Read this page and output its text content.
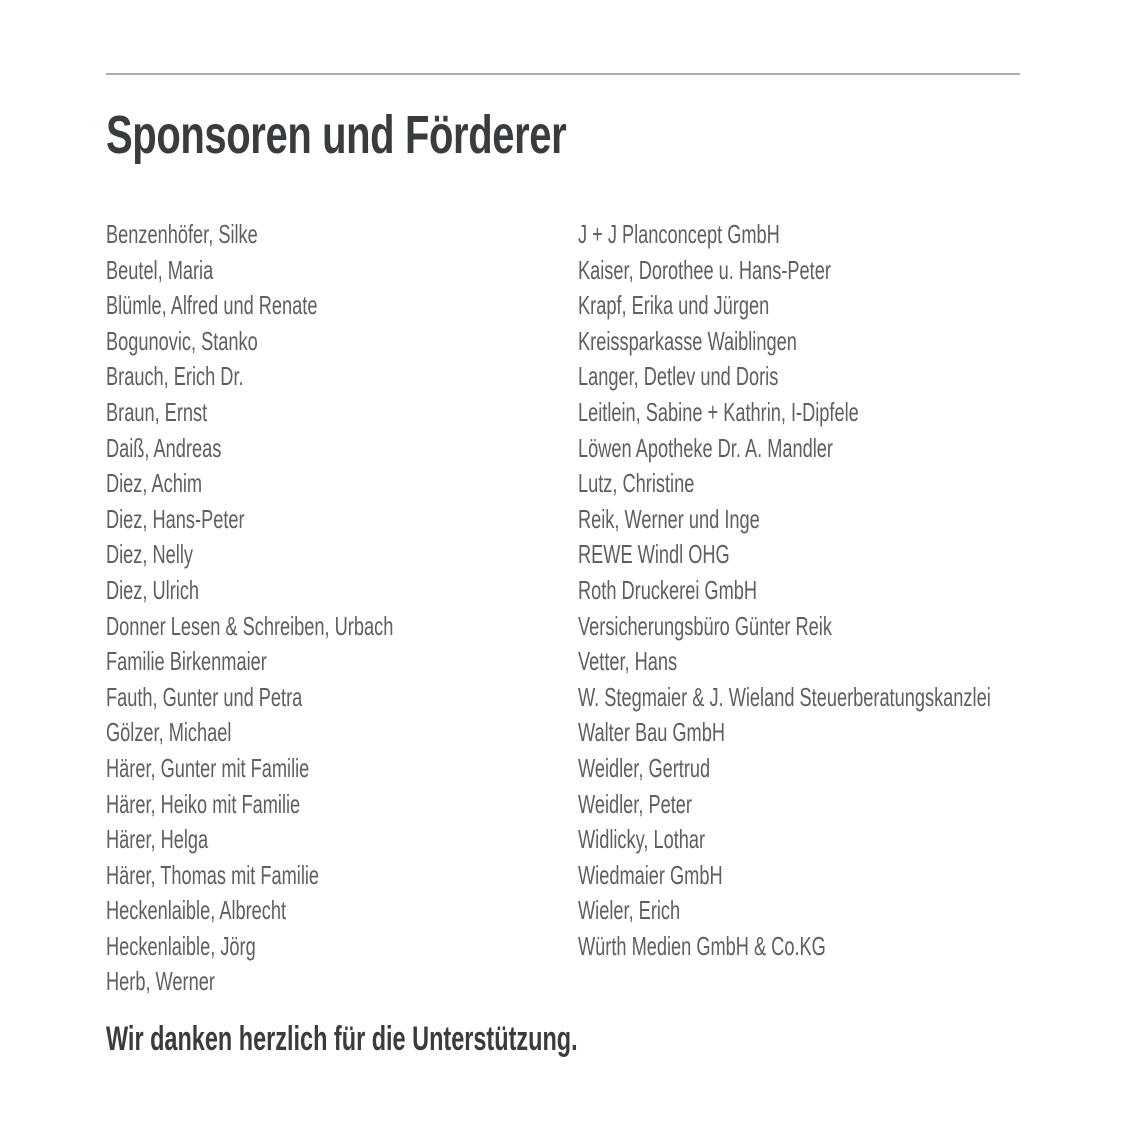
Sponsoren und Förderer
Benzenhöfer, Silke
Beutel, Maria
Blümle, Alfred und Renate
Bogunovic, Stanko
Brauch, Erich Dr.
Braun, Ernst
Daiß, Andreas
Diez, Achim
Diez, Hans-Peter
Diez, Nelly
Diez, Ulrich
Donner Lesen & Schreiben, Urbach
Familie Birkenmaier
Fauth, Gunter und Petra
Gölzer, Michael
Härer, Gunter mit Familie
Härer, Heiko mit Familie
Härer, Helga
Härer, Thomas mit Familie
Heckenlaible, Albrecht
Heckenlaible, Jörg
Herb, Werner
J + J Planconcept GmbH
Kaiser, Dorothee u. Hans-Peter
Krapf, Erika und Jürgen
Kreissparkasse Waiblingen
Langer, Detlev und Doris
Leitlein, Sabine + Kathrin, I-Dipfele
Löwen Apotheke Dr. A. Mandler
Lutz, Christine
Reik, Werner und Inge
REWE Windl OHG
Roth Druckerei GmbH
Versicherungsbüro Günter Reik
Vetter, Hans
W. Stegmaier & J. Wieland Steuerberatungskanzlei
Walter Bau GmbH
Weidler, Gertrud
Weidler, Peter
Widlicky, Lothar
Wiedmaier GmbH
Wieler, Erich
Würth Medien GmbH & Co.KG

Wir danken herzlich für die Unterstützung.
